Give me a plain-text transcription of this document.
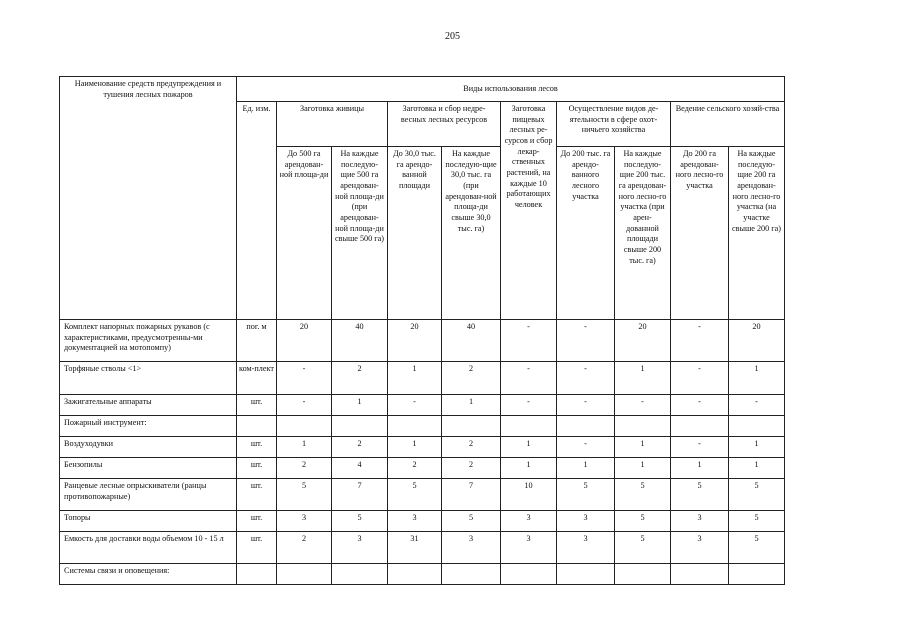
205
Наименование средств предупреждения и тушения лесных пожаров	Виды использования лесов									
	Ед. изм.	Заготовка живицы		Заготовка и сбор недре-весных лесных ресурсов		Заготовка пищевых лесных ре-сурсов и сбор лекар-ственных растений, на каждые 10 работающих человек	Осуществление видов де-ятельности в сфере охот-ничьего хозяйства		Ведение сельского хозяй-ства	
		До 500 га арендован-ной площа-ди	На каждые последую-щие 500 га арендован-ной площа-ди (при арендован-ной площа-ди свыше 500 га)	До 30,0 тыс. га арендо-ванной площади	На каждые последую-щие 30,0 тыс. га (при арендован-ной площа-ди свыше 30,0 тыс. га)		До 200 тыс. га арендо-ванного лесного участка	На каждые последую-щие 200 тыс. га арендован-ного лесно-го участка (при арен-дованной площади свыше 200 тыс. га)	До 200 га арендован-ного лесно-го участка	На каждые последую-щие 200 га арендован-ного лесно-го участка (на участке свыше 200 га)
Комплект напорных пожарных рукавов (с характеристиками, предусмотренны-ми документацией на мотопомпу)	пог. м	20	40	20	40	-	-	20	-	20
Торфяные стволы <1>	ком-плект	-	2	1	2	-	-	1	-	1
Зажигательные аппараты	шт.	-	1	-	1	-	-	-	-	-
Пожарный инструмент:										
Воздуходувки	шт.	1	2	1	2	1	-	1	-	1
Бензопилы	шт.	2	4	2	2	1	1	1	1	1
Ранцевые лесные опрыскиватели (ранцы противопожарные)	шт.	5	7	5	7	10	5	5	5	5
Топоры	шт.	3	5	3	5	3	3	5	3	5
Емкость для доставки воды объемом 10 - 15 л	шт.	2	3	31	3	3	3	5	3	5
Системы связи и оповещения:										
